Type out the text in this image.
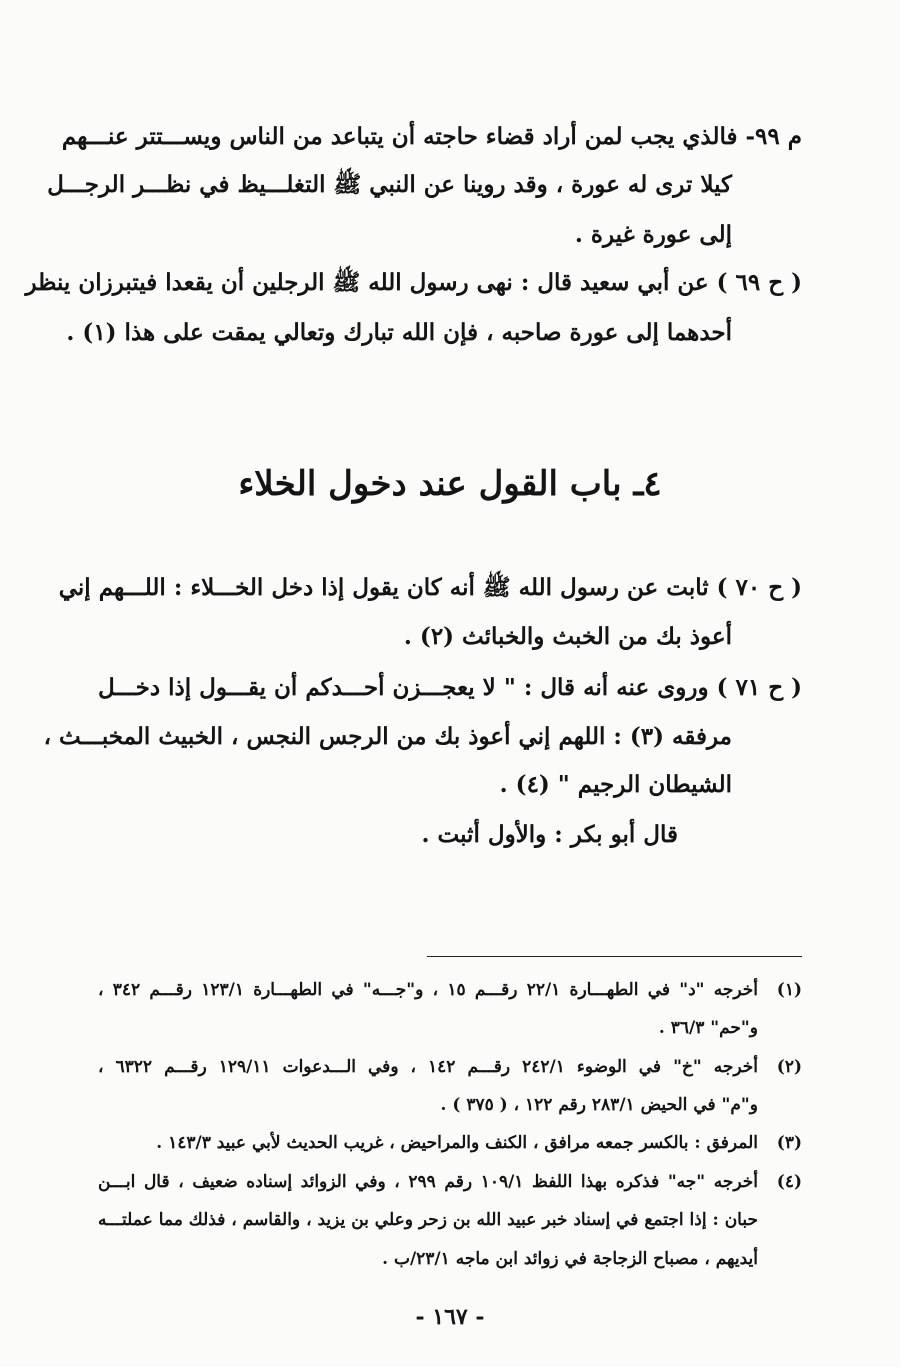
م ٩٩- فالذي يجب لمن أراد قضاء حاجته أن يتباعد من الناس ويســـتتر عنـــهم
كيلا ترى له عورة ، وقد روينا عن النبي ﷺ التغلـــيظ في نظـــر الرجـــل
إلى عورة غيرة .
( ح ٦٩ ) عن أبي سعيد قال : نهى رسول الله ﷺ الرجلين أن يقعدا فيتبرزان ينظر
أحدهما إلى عورة صاحبه ، فإن الله تبارك وتعالي يمقت على هذا (١) .
٤ـ باب القول عند دخول الخلاء
( ح ٧٠ ) ثابت عن رسول الله ﷺ أنه كان يقول إذا دخل الخـــلاء : اللـــهم إني
أعوذ بك من الخبث والخبائث (٢) .
( ح ٧١ ) وروى عنه أنه قال : " لا يعجـــزن أحـــدكم أن يقـــول إذا دخـــل
مرفقه (٣) : اللهم إني أعوذ بك من الرجس النجس ، الخبيث المخبـــث ،
الشيطان الرجيم " (٤) .
قال أبو بكر : والأول أثبت .
(١)أخرجه "د" في الطهـــارة ٢٢/١ رقـــم ١٥ ، و"جـــه" في الطهـــارة ١٢٣/١ رقـــم ٣٤٢ ،
و"حم" ٣٦/٣ .
(٢)أخرجه "خ" في الوضوء ٢٤٢/١ رقـــم ١٤٢ ، وفي الـــدعوات ١٢٩/١١ رقـــم ٦٣٢٢ ،
و"م" في الحيض ٢٨٣/١ رقم ١٢٢ ، ( ٣٧٥ ) .
(٣)المرفق : بالكسر جمعه مرافق ، الكنف والمراحيض ، غريب الحديث لأبي عبيد ١٤٣/٣ .
(٤)أخرجه "جه" فذكره بهذا اللفظ ١٠٩/١ رقم ٢٩٩ ، وفي الزوائد إسناده ضعيف ، قال ابـــن
حبان : إذا اجتمع في إسناد خبر عبيد الله بن زحر وعلي بن يزيد ، والقاسم ، فذلك مما عملتـــه
أيديهم ، مصباح الزجاجة في زوائد ابن ماجه ٢٣/١/ب .
- ١٦٧ -
